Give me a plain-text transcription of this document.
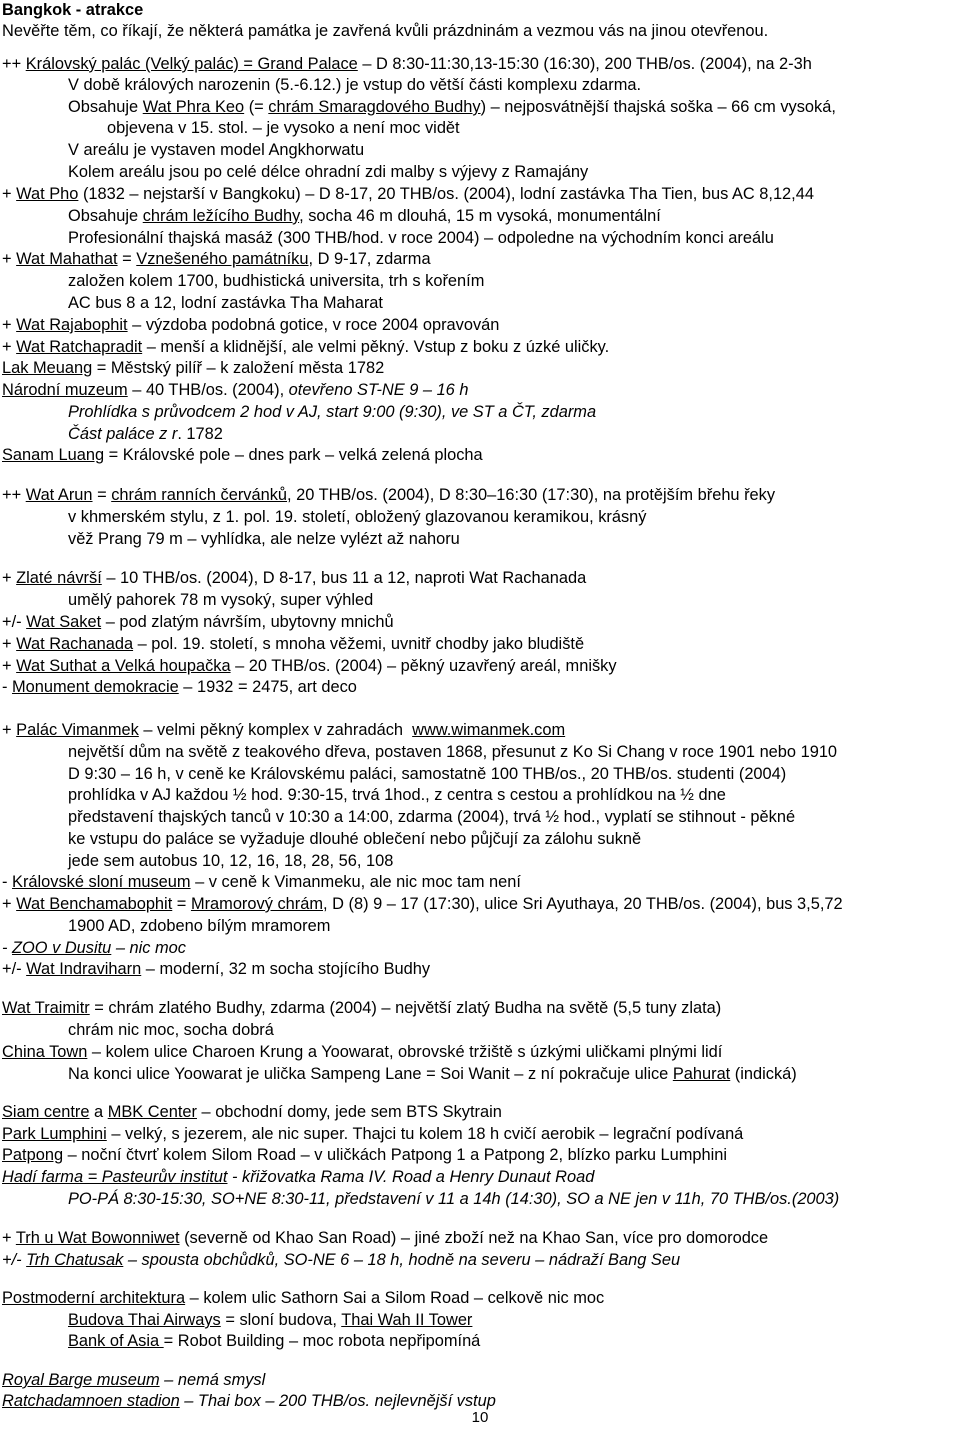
10
Bangkok - atrakce
Nevěřte těm, co říkají, že některá památka je zavřená kvůli prázdninám a vezmou vás na jinou otevřenou.
++ Královský palác (Velký palác) = Grand Palace – D 8:30-11:30,13-15:30 (16:30), 200 THB/os. (2004), na 2-3h
V době králových narozenin (5.-6.12.) je vstup do větší části komplexu zdarma.
Obsahuje Wat Phra Keo (= chrám Smaragdového Budhy) – nejposvátnější thajská soška – 66 cm vysoká,
objevena v 15. stol. – je vysoko a není moc vidět
V areálu je vystaven model Angkhorwatu
Kolem areálu jsou po celé délce ohradní zdi malby s výjevy z Ramajány
+ Wat Pho (1832 – nejstarší v Bangkoku) – D 8-17, 20 THB/os. (2004), lodní zastávka Tha Tien, bus AC 8,12,44
Obsahuje chrám ležícího Budhy, socha 46 m dlouhá, 15 m vysoká, monumentální
Profesionální thajská masáž (300 THB/hod. v roce 2004) – odpoledne na východním konci areálu
+ Wat Mahathat = Vznešeného památníku, D 9-17, zdarma
založen kolem 1700, budhistická universita, trh s kořením
AC bus 8 a 12, lodní zastávka Tha Maharat
+ Wat Rajabophit – výzdoba podobná gotice, v roce 2004 opravován
+ Wat Ratchapradit – menší a klidnější, ale velmi pěkný. Vstup z boku z úzké uličky.
Lak Meuang = Městský pilíř – k založení města 1782
Národní muzeum – 40 THB/os. (2004), otevřeno ST-NE 9 – 16 h
Prohlídka s průvodcem 2 hod v AJ, start 9:00 (9:30), ve ST a ČT, zdarma
Část paláce z r. 1782
Sanam Luang = Královské pole – dnes park – velká zelená plocha
++ Wat Arun = chrám ranních červánků, 20 THB/os. (2004), D 8:30–16:30 (17:30), na protějším břehu řeky
v khmerském stylu, z 1. pol. 19. století, obložený glazovanou keramikou, krásný
věž Prang 79 m – vyhlídka, ale nelze vylézt až nahoru
+ Zlaté návrší – 10 THB/os. (2004), D 8-17, bus 11 a 12, naproti Wat Rachanada
umělý pahorek 78 m vysoký, super výhled
+/- Wat Saket – pod zlatým návrším, ubytovny mnichů
+ Wat Rachanada – pol. 19. století, s mnoha věžemi, uvnitř chodby jako bludiště
+ Wat Suthat a Velká houpačka – 20 THB/os. (2004) – pěkný uzavřený areál, mnišky
- Monument demokracie – 1932 = 2475, art deco
+ Palác Vimanmek – velmi pěkný komplex v zahradách  www.wimanmek.com
největší dům na světě z teakového dřeva, postaven 1868, přesunut z Ko Si Chang v roce 1901 nebo 1910
D 9:30 – 16 h, v ceně ke Královskému paláci, samostatně 100 THB/os., 20 THB/os. studenti (2004)
prohlídka v AJ každou ½ hod. 9:30-15, trvá 1hod., z centra s cestou a prohlídkou na ½ dne
představení thajských tanců v 10:30 a 14:00, zdarma (2004), trvá ½ hod., vyplatí se stihnout - pěkné
ke vstupu do paláce se vyžaduje dlouhé oblečení nebo půjčují za zálohu sukně
jede sem autobus 10, 12, 16, 18, 28, 56, 108
- Královské sloní museum – v ceně k Vimanmeku, ale nic moc tam není
+ Wat Benchamabophit = Mramorový chrám, D (8) 9 – 17 (17:30), ulice Sri Ayuthaya, 20 THB/os. (2004), bus 3,5,72
1900 AD, zdobeno bílým mramorem
- ZOO v Dusitu – nic moc
+/- Wat Indraviharn – moderní, 32 m socha stojícího Budhy
Wat Traimitr = chrám zlatého Budhy, zdarma (2004) – největší zlatý Budha na světě (5,5 tuny zlata)
chrám nic moc, socha dobrá
China Town – kolem ulice Charoen Krung a Yoowarat, obrovské tržiště s úzkými uličkami plnými lidí
Na konci ulice Yoowarat je ulička Sampeng Lane = Soi Wanit – z ní pokračuje ulice Pahurat (indická)
Siam centre a MBK Center – obchodní domy, jede sem BTS Skytrain
Park Lumphini – velký, s jezerem, ale nic super. Thajci tu kolem 18 h cvičí aerobik – legrační podívaná
Patpong – noční čtvrť kolem Silom Road – v uličkách Patpong 1 a Patpong 2, blízko parku Lumphini
Hadí farma = Pasteurův institut - křižovatka Rama IV. Road a Henry Dunaut Road
PO-PÁ 8:30-15:30, SO+NE 8:30-11, představení v 11 a 14h (14:30), SO a NE jen v 11h, 70 THB/os.(2003)
+ Trh u Wat Bowonniwet (severně od Khao San Road) – jiné zboží než na Khao San, více pro domorodce
+/- Trh Chatusak – spousta obchůdků, SO-NE 6 – 18 h, hodně na severu – nádraží Bang Seu
Postmoderní architektura – kolem ulic Sathorn Sai a Silom Road – celkově nic moc
Budova Thai Airways = sloní budova, Thai Wah II Tower
Bank of Asia = Robot Building – moc robota nepřipomíná
Royal Barge museum – nemá smysl
Ratchadamnoen stadion – Thai box – 200 THB/os. nejlevnější vstup
